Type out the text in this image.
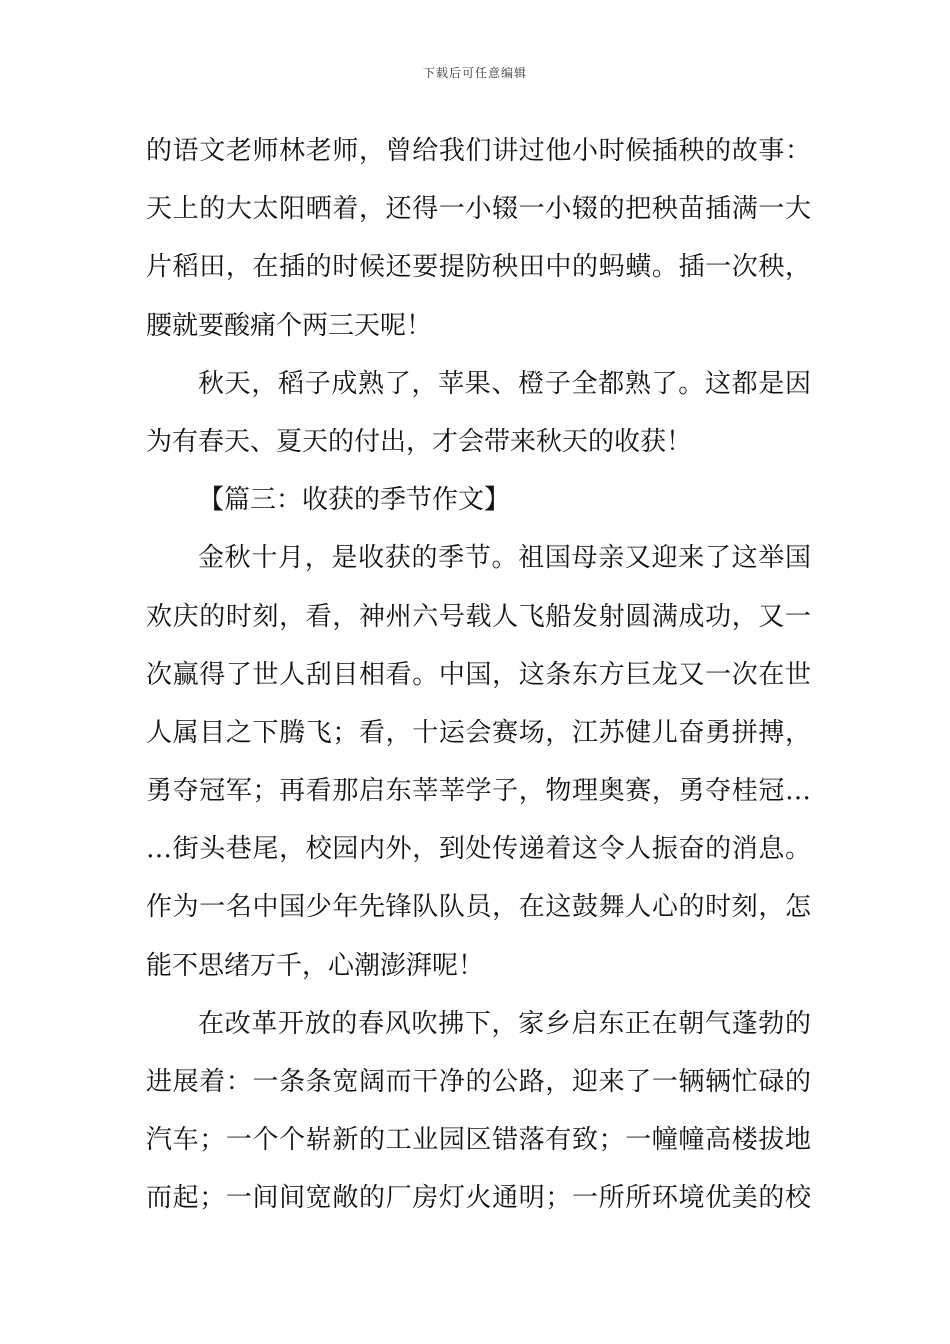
下载后可任意编辑
的语文老师林老师，曾给我们讲过他小时候插秧的故事：
天上的大太阳晒着，还得一小辍一小辍的把秧苗插满一大
片稻田，在插的时候还要提防秧田中的蚂蟥。插一次秧，
腰就要酸痛个两三天呢！
秋天，稻子成熟了，苹果、橙子全都熟了。这都是因
为有春天、夏天的付出，才会带来秋天的收获！
【篇三：收获的季节作文】
金秋十月，是收获的季节。祖国母亲又迎来了这举国
欢庆的时刻，看，神州六号载人飞船发射圆满成功，又一
次赢得了世人刮目相看。中国，这条东方巨龙又一次在世
人属目之下腾飞；看，十运会赛场，江苏健儿奋勇拼搏，
勇夺冠军；再看那启东莘莘学子，物理奥赛，勇夺桂冠…
…街头巷尾，校园内外，到处传递着这令人振奋的消息。
作为一名中国少年先锋队队员，在这鼓舞人心的时刻，怎
能不思绪万千，心潮澎湃呢！
在改革开放的春风吹拂下，家乡启东正在朝气蓬勃的
进展着：一条条宽阔而干净的公路，迎来了一辆辆忙碌的
汽车；一个个崭新的工业园区错落有致；一幢幢高楼拔地
而起；一间间宽敞的厂房灯火通明；一所所环境优美的校
